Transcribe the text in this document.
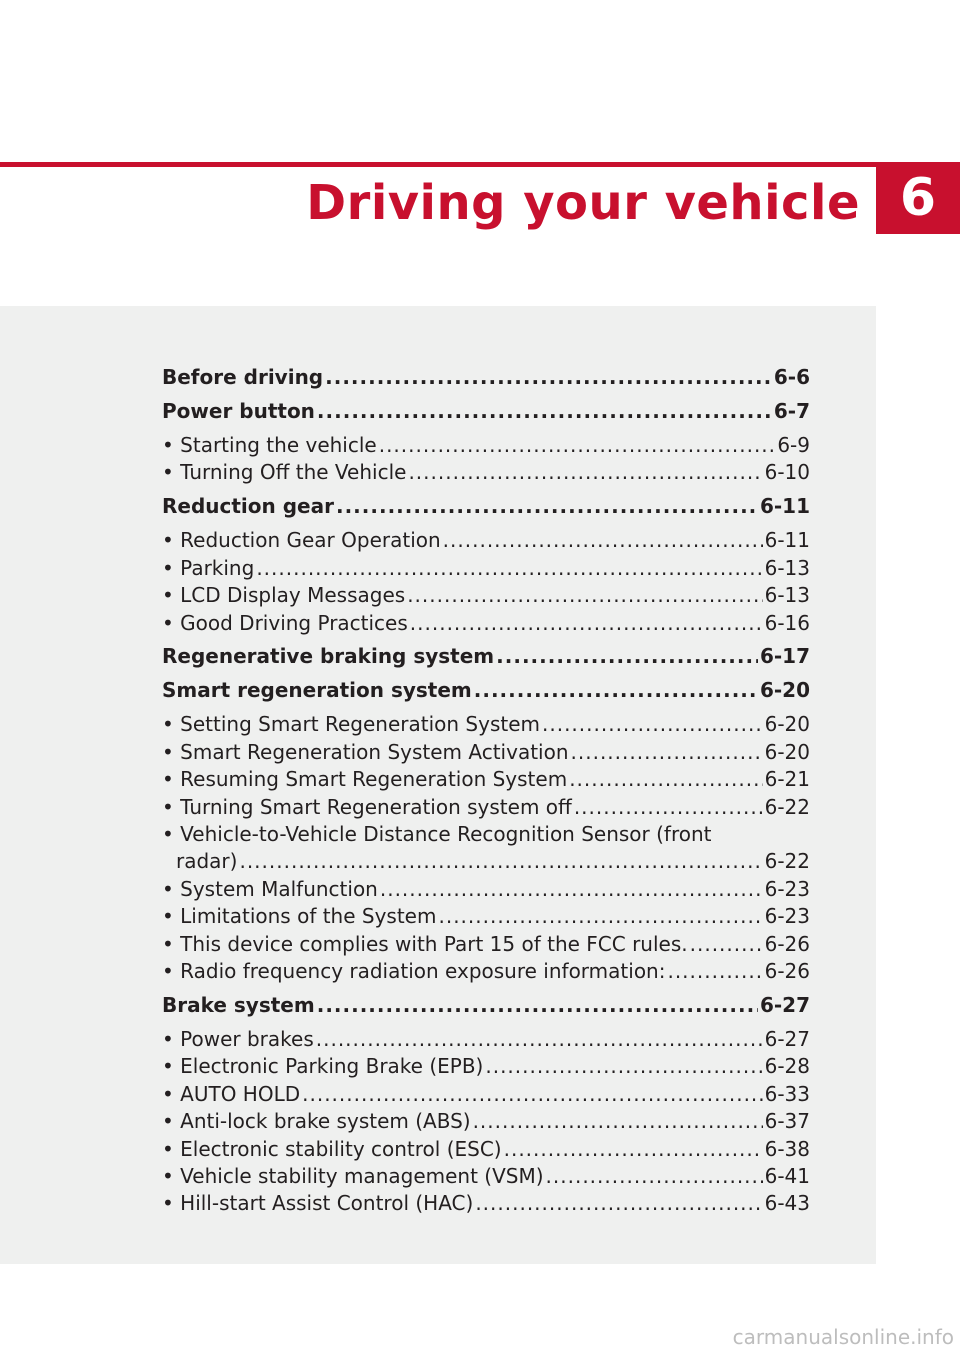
Driving your vehicle 6
Before driving .....	6-6
Power button .....	6-7
• Starting the vehicle .....	6-9
• Turning Off the Vehicle .....	6-10
Reduction gear .....	6-11
• Reduction Gear Operation .....	6-11
• Parking .....	6-13
• LCD Display Messages .....	6-13
• Good Driving Practices .....	6-16
Regenerative braking system .....	6-17
Smart regeneration system .....	6-20
• Setting Smart Regeneration System .....	6-20
• Smart Regeneration System Activation .....	6-20
• Resuming Smart Regeneration System .....	6-21
• Turning Smart Regeneration system off .....	6-22
• Vehicle-to-Vehicle Distance Recognition Sensor (front
radar) .....	6-22
• System Malfunction .....	6-23
• Limitations of the System .....	6-23
• This device complies with Part 15 of the FCC rules. .....	6-26
• Radio frequency radiation exposure information: .....	6-26
Brake system .....	6-27
• Power brakes .....	6-27
• Electronic Parking Brake (EPB) .....	6-28
• AUTO HOLD .....	6-33
• Anti-lock brake system (ABS) .....	6-37
• Electronic stability control (ESC) .....	6-38
• Vehicle stability management (VSM) .....	6-41
• Hill-start Assist Control (HAC) .....	6-43
carmanualsonline.info
